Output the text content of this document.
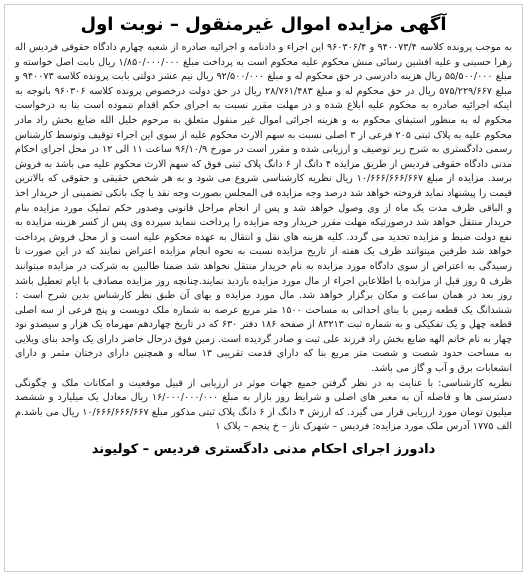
آگهی مزایده اموال غیرمنقول – نوبت اول

به موجب پرونده کلاسه ۹۴۰۰۷۳/۴ و ۹۶۰۳۰۶/۴ این اجراء و دادنامه و اجرائیه صادره از شعبه چهارم دادگاه حقوقی فردیس اله زهرا حسینی و علیه افشین رسائی منش محکوم علیه محکوم است به پرداخت مبلغ ۱/۸۵۰/۰۰۰/۰۰۰ ریال بابت اصل خواسته و مبلغ ۵۵/۵۰۰/۰۰۰ ریال هزینه دادرسی در حق محکوم له و مبلغ ۹۲/۵۰۰/۰۰۰ ریال نیم عشر دولتی بابت پرونده کلاسه ۹۴۰۰۷۳ و مبلغ ۵۷۵/۲۲۹/۶۶۷ ریال در حق محکوم له و مبلغ ۲۸/۷۶۱/۴۸۳ ریال در حق دولت درخصوص پرونده کلاسه ۹۶۰۳۰۶ باتوجه به اینکه اجرائیه صادره به محکوم علیه ابلاغ شده و در مهلت مقرر نسبت به اجرای حکم اقدام ننموده است بنا به درخواست محکوم له به منظور استیفای محکوم به و هزینه اجرائی اموال غیر منقول متعلق به مرحوم خلیل الله ضایع بخش راد مادر محکوم علیه به پلاک ثبتی ۲۰۵ فرعی از ۳ اصلی نسبت به سهم الارث محکوم علیه از سوی این اجراء توقیف وتوسط کارشناس رسمی دادگستری به شرح زیر توصیف و ارزیابی شده و مقرر است در مورخ ۹۶/۱۰/۹ ساعت ۱۱ الی ۱۲ در محل اجرای احکام مدنی دادگاه حقوقی فردیس از طریق مزایده ۴ دانگ از ۶ دانگ پلاک ثبتی فوق که سهم الارث محکوم علیه می باشد به فروش برسد. مزایده از مبلغ ۱۰/۶۶۶/۶۶۶/۶۶۷ ریال نظریه کارشناسی شروع می شود و به هر شخص حقیقی و حقوقی که بالاترین قیمت را پیشنهاد نماید فروخته خواهد شد درصد وجه مزایده فی المجلس بصورت وجه نقد یا چک بانکی تضمینی از خریدار اخذ و الباقی ظرف مدت یک ماه از وی وصول خواهد شد و پس از انجام مراحل قانونی وصدور حکم تملیک مورد مزایده بنام خریدار منتقل خواهد شد درصورتیکه مهلت مقرر خریدار وجه مزایده را پرداخت ننماید سپرده وی پس از کسر هزینه مزایده به نفع دولت ضبط و مزایده تجدید می گردد. کلیه هزینه های نقل و انتقال به عهده محکوم علیه است و از محل فروش پرداخت خواهد شد طرفین میتوانند ظرف یک هفته از تاریخ مزایده نسبت به نحوه انجام مزایده اعتراض نمایند که در این صورت تا رسیدگی به اعتراض از سوی دادگاه مورد مزایده به نام خریدار منتقل نخواهد شد ضمنا طالبین به شرکت در مزایده میتوانند ظرف ۵ روز قبل از مزایده با اطلاعاین اجراء از مال مورد مزایده بازدید نمایند.چنانچه روز مزایده مصادف با ایام تعطیل باشد روز بعد در همان ساعت و مکان برگزار خواهد شد. مال مورد مزایده و بهای آن طبق نظر کارشناس بدین شرح است : ششدانگ یک قطعه زمین با بنای احداثی به مساحت ۱۵۰۰ متر مربع عرصه به شماره ملک دویست و پنج فرعی از سه اصلی قطعه چهل و یک تفکیکی و به شماره ثبت ۸۳۲۱۳ از صفحه ۱۸۶ دفتر ۶۳۰ که در تاریخ چهاردهم مهرماه یک هزار و سیصدو نود چهار به نام خانم الهه ضایع بخش راد فرزند علی ثبت و صادر گردیده است. زمین فوق درحال حاضر دارای یک واحد بنای ویلایی به مساحت حدود شصت و شصت متر مربع بنا که دارای قدمت تقریبی ۱۳ ساله و همچنین دارای درختان مثمر و دارای انشعابات برق و آب و گاز می باشد.

نظریه کارشناسی: با عنایت به در نظر گرفتن جمیع جهات موثر در ارزیابی از قبیل موقعیت و امکانات ملک و چگونگی دسترسی ها و فاصله آن به معبر های اصلی و شرایط روز بازار به مبلغ ۱۶/۰۰۰/۰۰۰/۰۰۰ ریال معادل یک میلیارد و ششصد میلیون تومان مورد ارزیابی قرار می گیرد. که ارزش ۴ دانگ از ۶ دانگ پلاک ثبتی مذکور مبلغ ۱۰/۶۶۶/۶۶۶/۶۶۷ ریال می باشد.م الف ۱۷۷۵ آدرس ملک مورد مزایده: فردیس – شهرک ناز – خ پنجم – پلاک ۱

دادورز اجرای احکام مدنی دادگستری فردیس – کولیوند
